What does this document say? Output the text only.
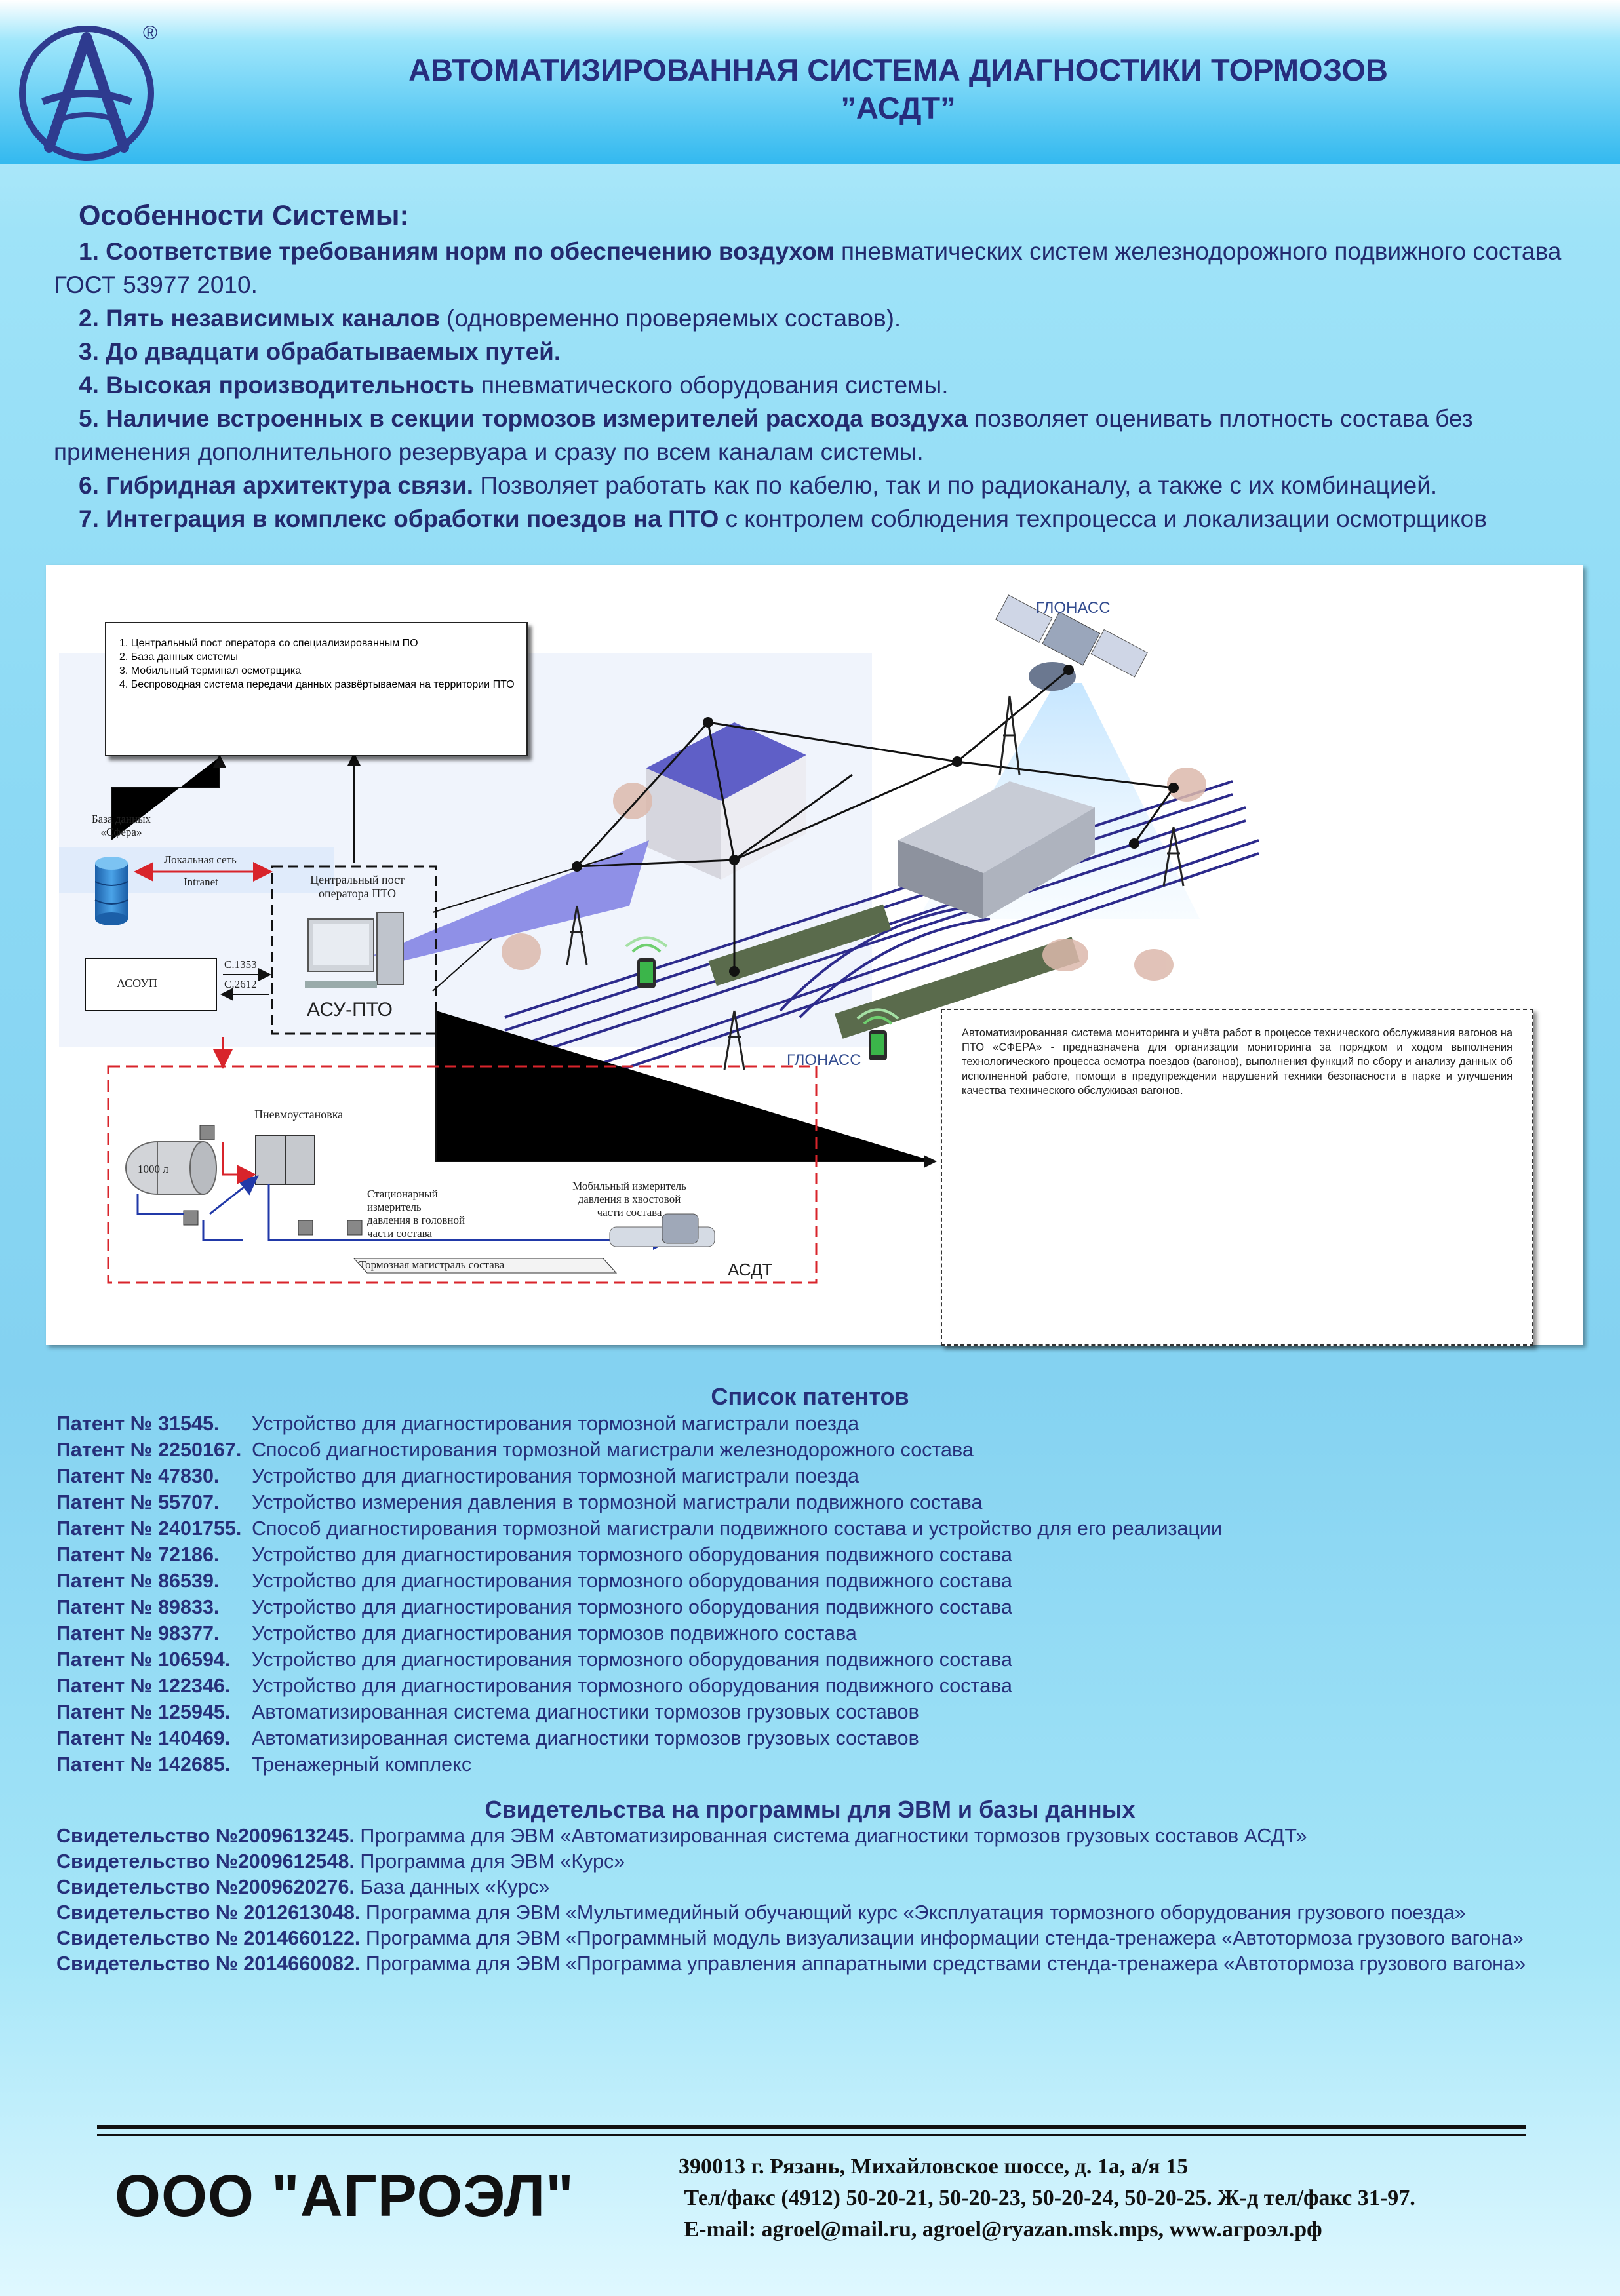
®
АВТОМАТИЗИРОВАННАЯ СИСТЕМА ДИАГНОСТИКИ ТОРМОЗОВ
”АСДТ”
Особенности Системы:
1. Соответствие требованиям норм по обеспечению воздухом пневматических систем железнодорожного подвижного состава ГОСТ 53977 2010.
2. Пять независимых каналов (одновременно проверяемых составов).
3. До двадцати обрабатываемых путей.
4. Высокая производительность пневматического оборудования системы.
5. Наличие встроенных в секции тормозов измерителей расхода воздуха позволяет оценивать плотность состава без применения дополнительного резервуара и сразу по всем каналам системы.
6. Гибридная архитектура связи. Позволяет работать как по кабелю, так и по радиоканалу, а также с их комбинацией.
7. Интеграция в комплекс обработки поездов на ПТО с контролем соблюдения техпроцесса и локализации осмотрщиков
1. Центральный пост оператора со специализированным ПО
2. База данных системы
3. Мобильный терминал осмотрщика
4. Беспроводная система передачи данных развёртываемая на территории ПТО
База данных
«Сфера»
Локальная сеть
Intranet	Центральный пост
оператора ПТО
АСУ-ПТО
АСОУП
С.1353
С.2612
ГЛОНАСС
ГЛОНАСС
Пневмоустановка
1000 л
Стационарный
измеритель
давления в головной
части состава
Мобильный измеритель
давления в хвостовой
части состава
Тормозная магистраль состава	АСДТ
Автоматизированная система мониторинга и учёта работ в процессе технического обслуживания вагонов на ПТО «СФЕРА» - предназначена для организации мониторинга за порядком и ходом выполнения технологического процесса осмотра поездов (вагонов), выполнения функций по сбору и анализу данных об исполненной работе, помощи в предупреждении нарушений техники безопасности в парке и улучшения качества технического обслуживая вагонов.
Список патентов
Патент № 31545. Устройство для диагностирования тормозной магистрали поезда
Патент № 2250167. Способ диагностирования тормозной магистрали железнодорожного состава
Патент № 47830. Устройство для диагностирования тормозной магистрали поезда
Патент № 55707. Устройство измерения давления в тормозной магистрали подвижного состава
Патент № 2401755. Способ диагностирования тормозной магистрали подвижного состава и устройство для его реализации
Патент № 72186. Устройство для диагностирования тормозного оборудования подвижного состава
Патент № 86539. Устройство для диагностирования тормозного оборудования подвижного состава
Патент № 89833. Устройство для диагностирования тормозного оборудования подвижного состава
Патент № 98377. Устройство для диагностирования тормозов подвижного состава
Патент № 106594. Устройство для диагностирования тормозного оборудования подвижного состава
Патент № 122346. Устройство для диагностирования тормозного оборудования подвижного состава
Патент № 125945. Автоматизированная система диагностики тормозов грузовых составов
Патент № 140469. Автоматизированная система диагностики тормозов грузовых составов
Патент № 142685. Тренажерный комплекс
Свидетельства на программы для ЭВМ и базы данных
Свидетельство №2009613245. Программа для ЭВМ «Автоматизированная система диагностики тормозов грузовых составов АСДТ»
Свидетельство №2009612548. Программа для ЭВМ «Курс»
Свидетельство №2009620276. База данных «Курс»
Свидетельство № 2012613048. Программа для ЭВМ «Мультимедийный обучающий курс «Эксплуатация тормозного оборудования грузового поезда»
Свидетельство № 2014660122. Программа для ЭВМ «Программный модуль визуализации информации стенда-тренажера «Автотормоза грузового вагона»
Свидетельство № 2014660082. Программа для ЭВМ «Программа управления аппаратными средствами стенда-тренажера «Автотормоза грузового вагона»
ООО "АГРОЭЛ"	390013 г. Рязань, Михайловское шоссе, д. 1а, а/я 15
Тел/факс (4912) 50-20-21, 50-20-23, 50-20-24, 50-20-25. Ж-д тел/факс 31-97.
E-mail: agroel@mail.ru, agroel@ryazan.msk.mps, www.агроэл.рф
